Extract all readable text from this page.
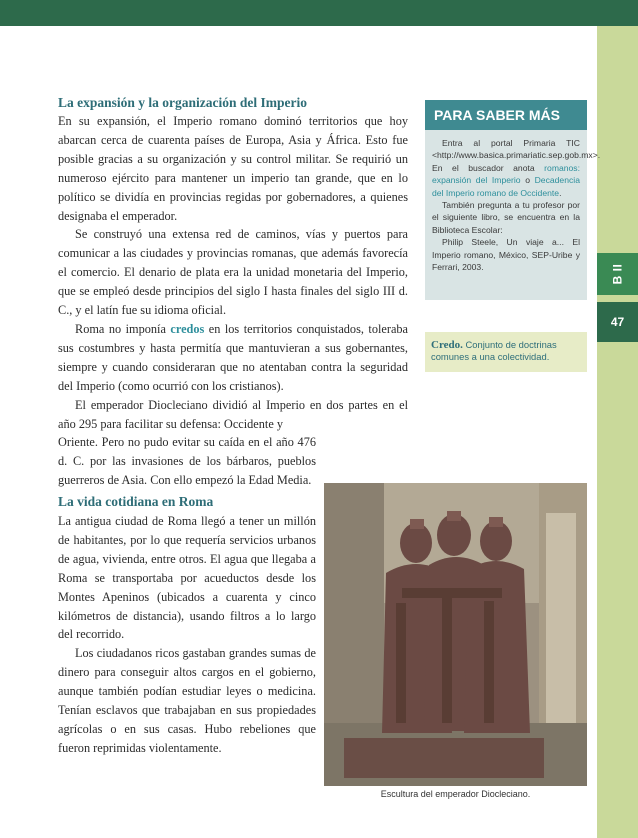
B II
47
La expansión y la organización del Imperio

En su expansión, el Imperio romano dominó territorios que hoy abarcan cerca de cuarenta países de Europa, Asia y África. Esto fue posible gracias a su organización y su control militar. Se requirió un numeroso ejército para mantener un imperio tan grande, que en lo político se dividía en provincias regidas por gobernadores, a quienes designaba el emperador.

Se construyó una extensa red de caminos, vías y puertos para comunicar a las ciudades y provincias romanas, que además favorecía el comercio. El denario de plata era la unidad monetaria del Imperio, que se empleó desde principios del siglo I hasta finales del siglo III d. C., y el latín fue su idioma oficial.

Roma no imponía credos en los territorios conquistados, toleraba sus costumbres y hasta permitía que mantuvieran a sus gobernantes, siempre y cuando consideraran que no atentaban contra la seguridad del Imperio (como ocurrió con los cristianos).

El emperador Diocleciano dividió al Imperio en dos partes en el año 295 para facilitar su defensa: Occidente y

Oriente. Pero no pudo evitar su caída en el año 476 d. C. por las invasiones de los bárbaros, pueblos guerreros de Asia. Con ello empezó la Edad Media.

La vida cotidiana en Roma

La antigua ciudad de Roma llegó a tener un millón de habitantes, por lo que requería servicios urbanos de agua, vivienda, entre otros. El agua que llegaba a Roma se transportaba por acueductos desde los Montes Apeninos (ubicados a cuarenta y cinco kilómetros de distancia), usando filtros a lo largo del recorrido.

Los ciudadanos ricos gastaban grandes sumas de dinero para conseguir altos cargos en el gobierno, aunque también podían estudiar leyes o medicina. Tenían esclavos que trabajaban en sus propiedades agrícolas o en sus casas. Hubo rebeliones que fueron reprimidas violentamente.

PARA SABER MÁS

Entra al portal Primaria TIC <http://www.basica.primariatic.sep.gob.mx>. En el buscador anota romanos: expansión del Imperio o Decadencia del Imperio romano de Occidente.

También pregunta a tu profesor por el siguiente libro, se encuentra en la Biblioteca Escolar:

Philip Steele, Un viaje a... El Imperio romano, México, SEP-Uribe y Ferrari, 2003.

Credo. Conjunto de doctrinas comunes a una colectividad.
Escultura del emperador Diocleciano.
